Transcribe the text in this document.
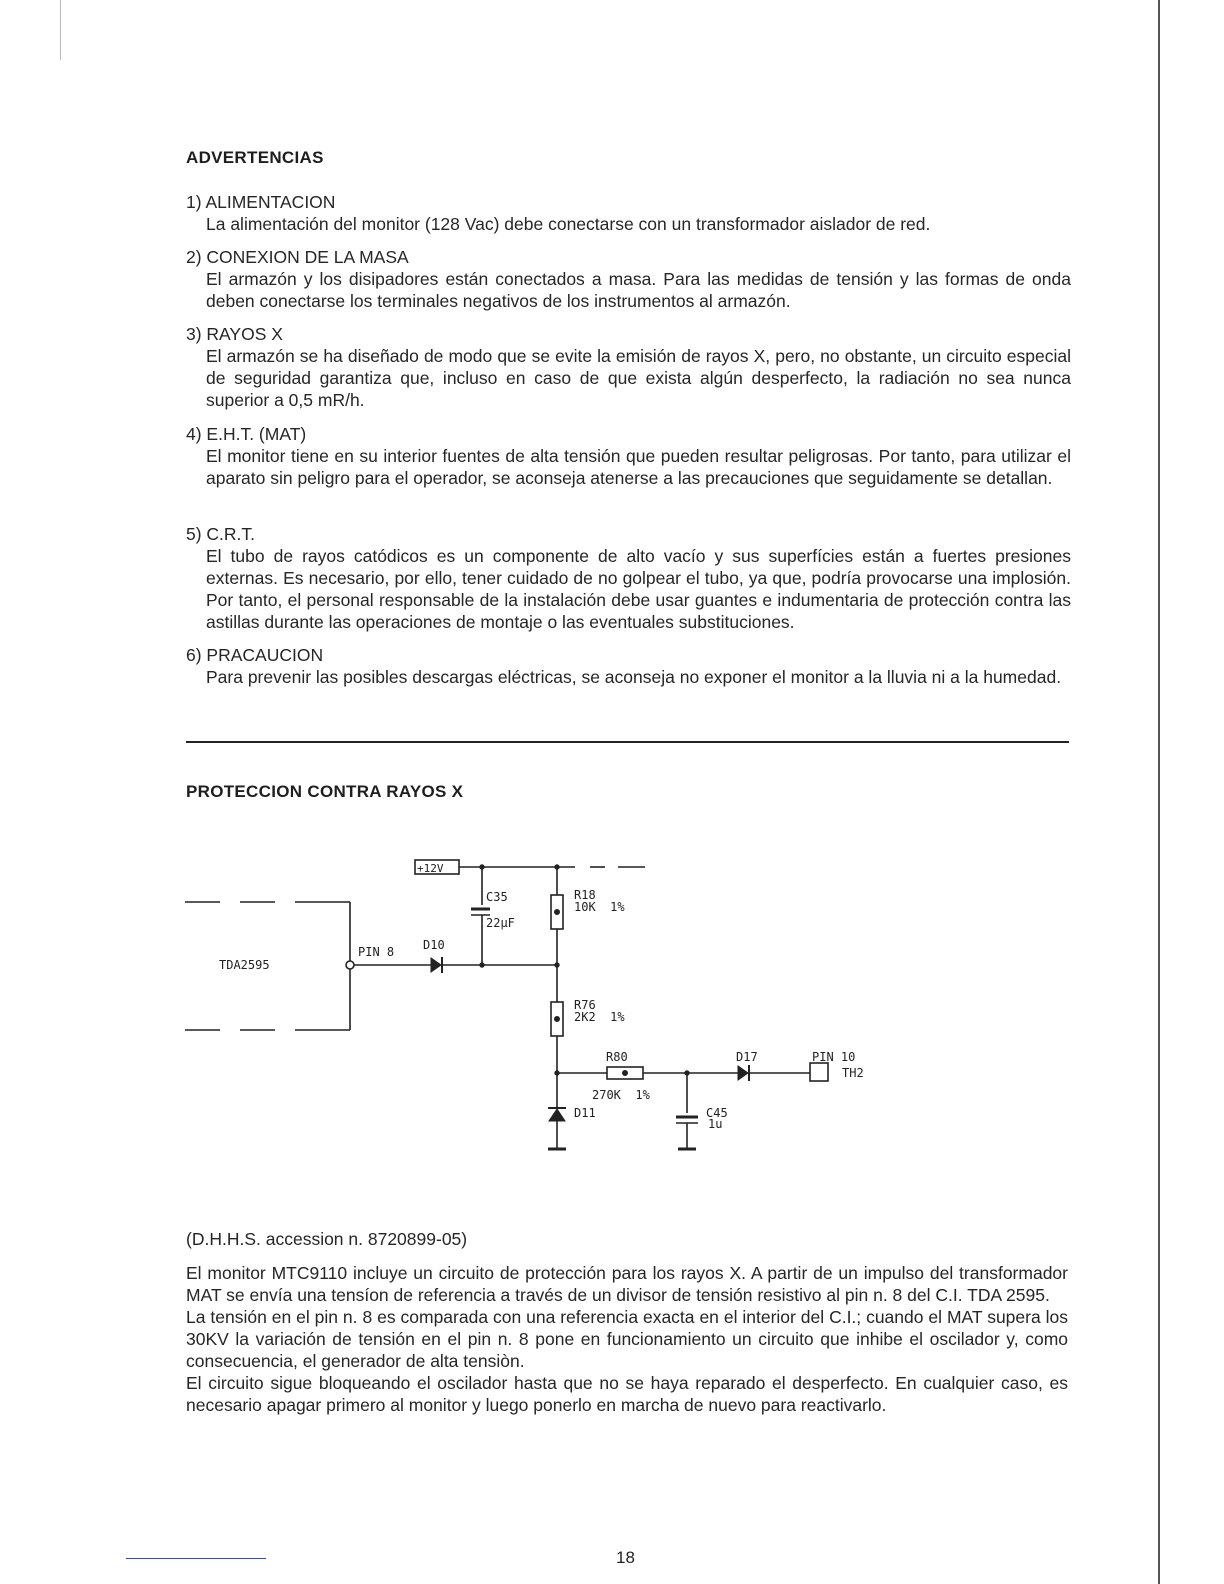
ADVERTENCIAS
1) ALIMENTACION
La alimentación del monitor (128 Vac) debe conectarse con un transformador aislador de red.
2) CONEXION DE LA MASA
El armazón y los disipadores están conectados a masa. Para las medidas de tensión y las formas de onda deben conectarse los terminales negativos de los instrumentos al armazón.
3) RAYOS X
El armazón se ha diseñado de modo que se evite la emisión de rayos X, pero, no obstante, un circuito especial de seguridad garantiza que, incluso en caso de que exista algún desperfecto, la radiación no sea nunca superior a 0,5 mR/h.
4) E.H.T. (MAT)
El monitor tiene en su interior fuentes de alta tensión que pueden resultar peligrosas. Por tanto, para utilizar el aparato sin peligro para el operador, se aconseja atenerse a las precauciones que seguidamente se detallan.
5) C.R.T.
El tubo de rayos catódicos es un componente de alto vacío y sus superfícies están a fuertes presiones externas. Es necesario, por ello, tener cuidado de no golpear el tubo, ya que, podría provocarse una implosión. Por tanto, el personal responsable de la instalación debe usar guantes e indumentaria de protección contra las astillas durante las operaciones de montaje o las eventuales substituciones.
6) PRACAUCION
Para prevenir las posibles descargas eléctricas, se aconseja no exponer el monitor a la lluvia ni a la humedad.
PROTECCION CONTRA RAYOS X
+12V
TDA2595
PIN 8 D10
C35
22µF
R18
10K  1%
R76
2K2  1%
R80
270K  1%
D11
D17
C45
1u
PIN 10
TH2
(D.H.H.S. accession n. 8720899-05)

El monitor MTC9110 incluye un circuito de protección para los rayos X. A partir de un impulso del transformador MAT se envía una tensíon de referencia a través de un divisor de tensión resistivo al pin n. 8 del C.I. TDA 2595.

La tensión en el pin n. 8 es comparada con una referencia exacta en el interior del C.I.; cuando el MAT supera los 30KV la variación de tensión en el pin n. 8 pone en funcionamiento un circuito que inhibe el oscilador y, como consecuencia, el generador de alta tensiòn.

El circuito sigue bloqueando el oscilador hasta que no se haya reparado el desperfecto. En cualquier caso, es necesario apagar primero al monitor y luego ponerlo en marcha de nuevo para reactivarlo.

18
